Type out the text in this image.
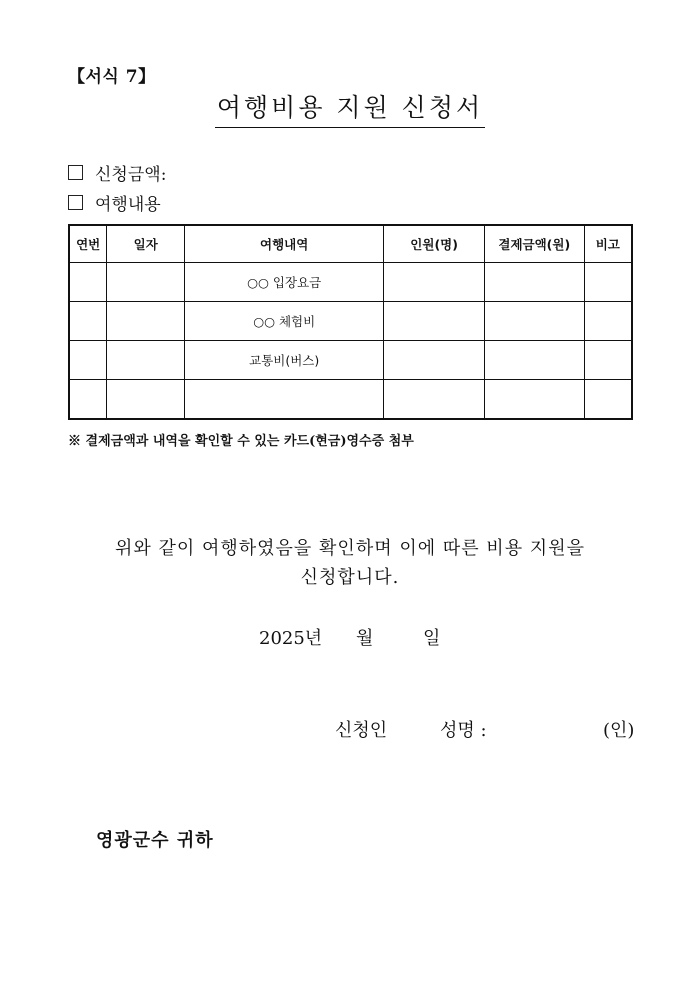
【서식 7】
여행비용 지원 신청서
신청금액:
여행내용
연번	일자	여행내역	인원(명)	결제금액(원)	비고
		○○ 입장요금			
		○○ 체험비			
		교통비(버스)			

※ 결제금액과 내역을 확인할 수 있는 카드(현금)영수증 첨부
위와 같이 여행하였음을 확인하며 이에 따른 비용 지원을
신청합니다.
2025년 월	일
신청인	성명 :	(인)
영광군수 귀하
